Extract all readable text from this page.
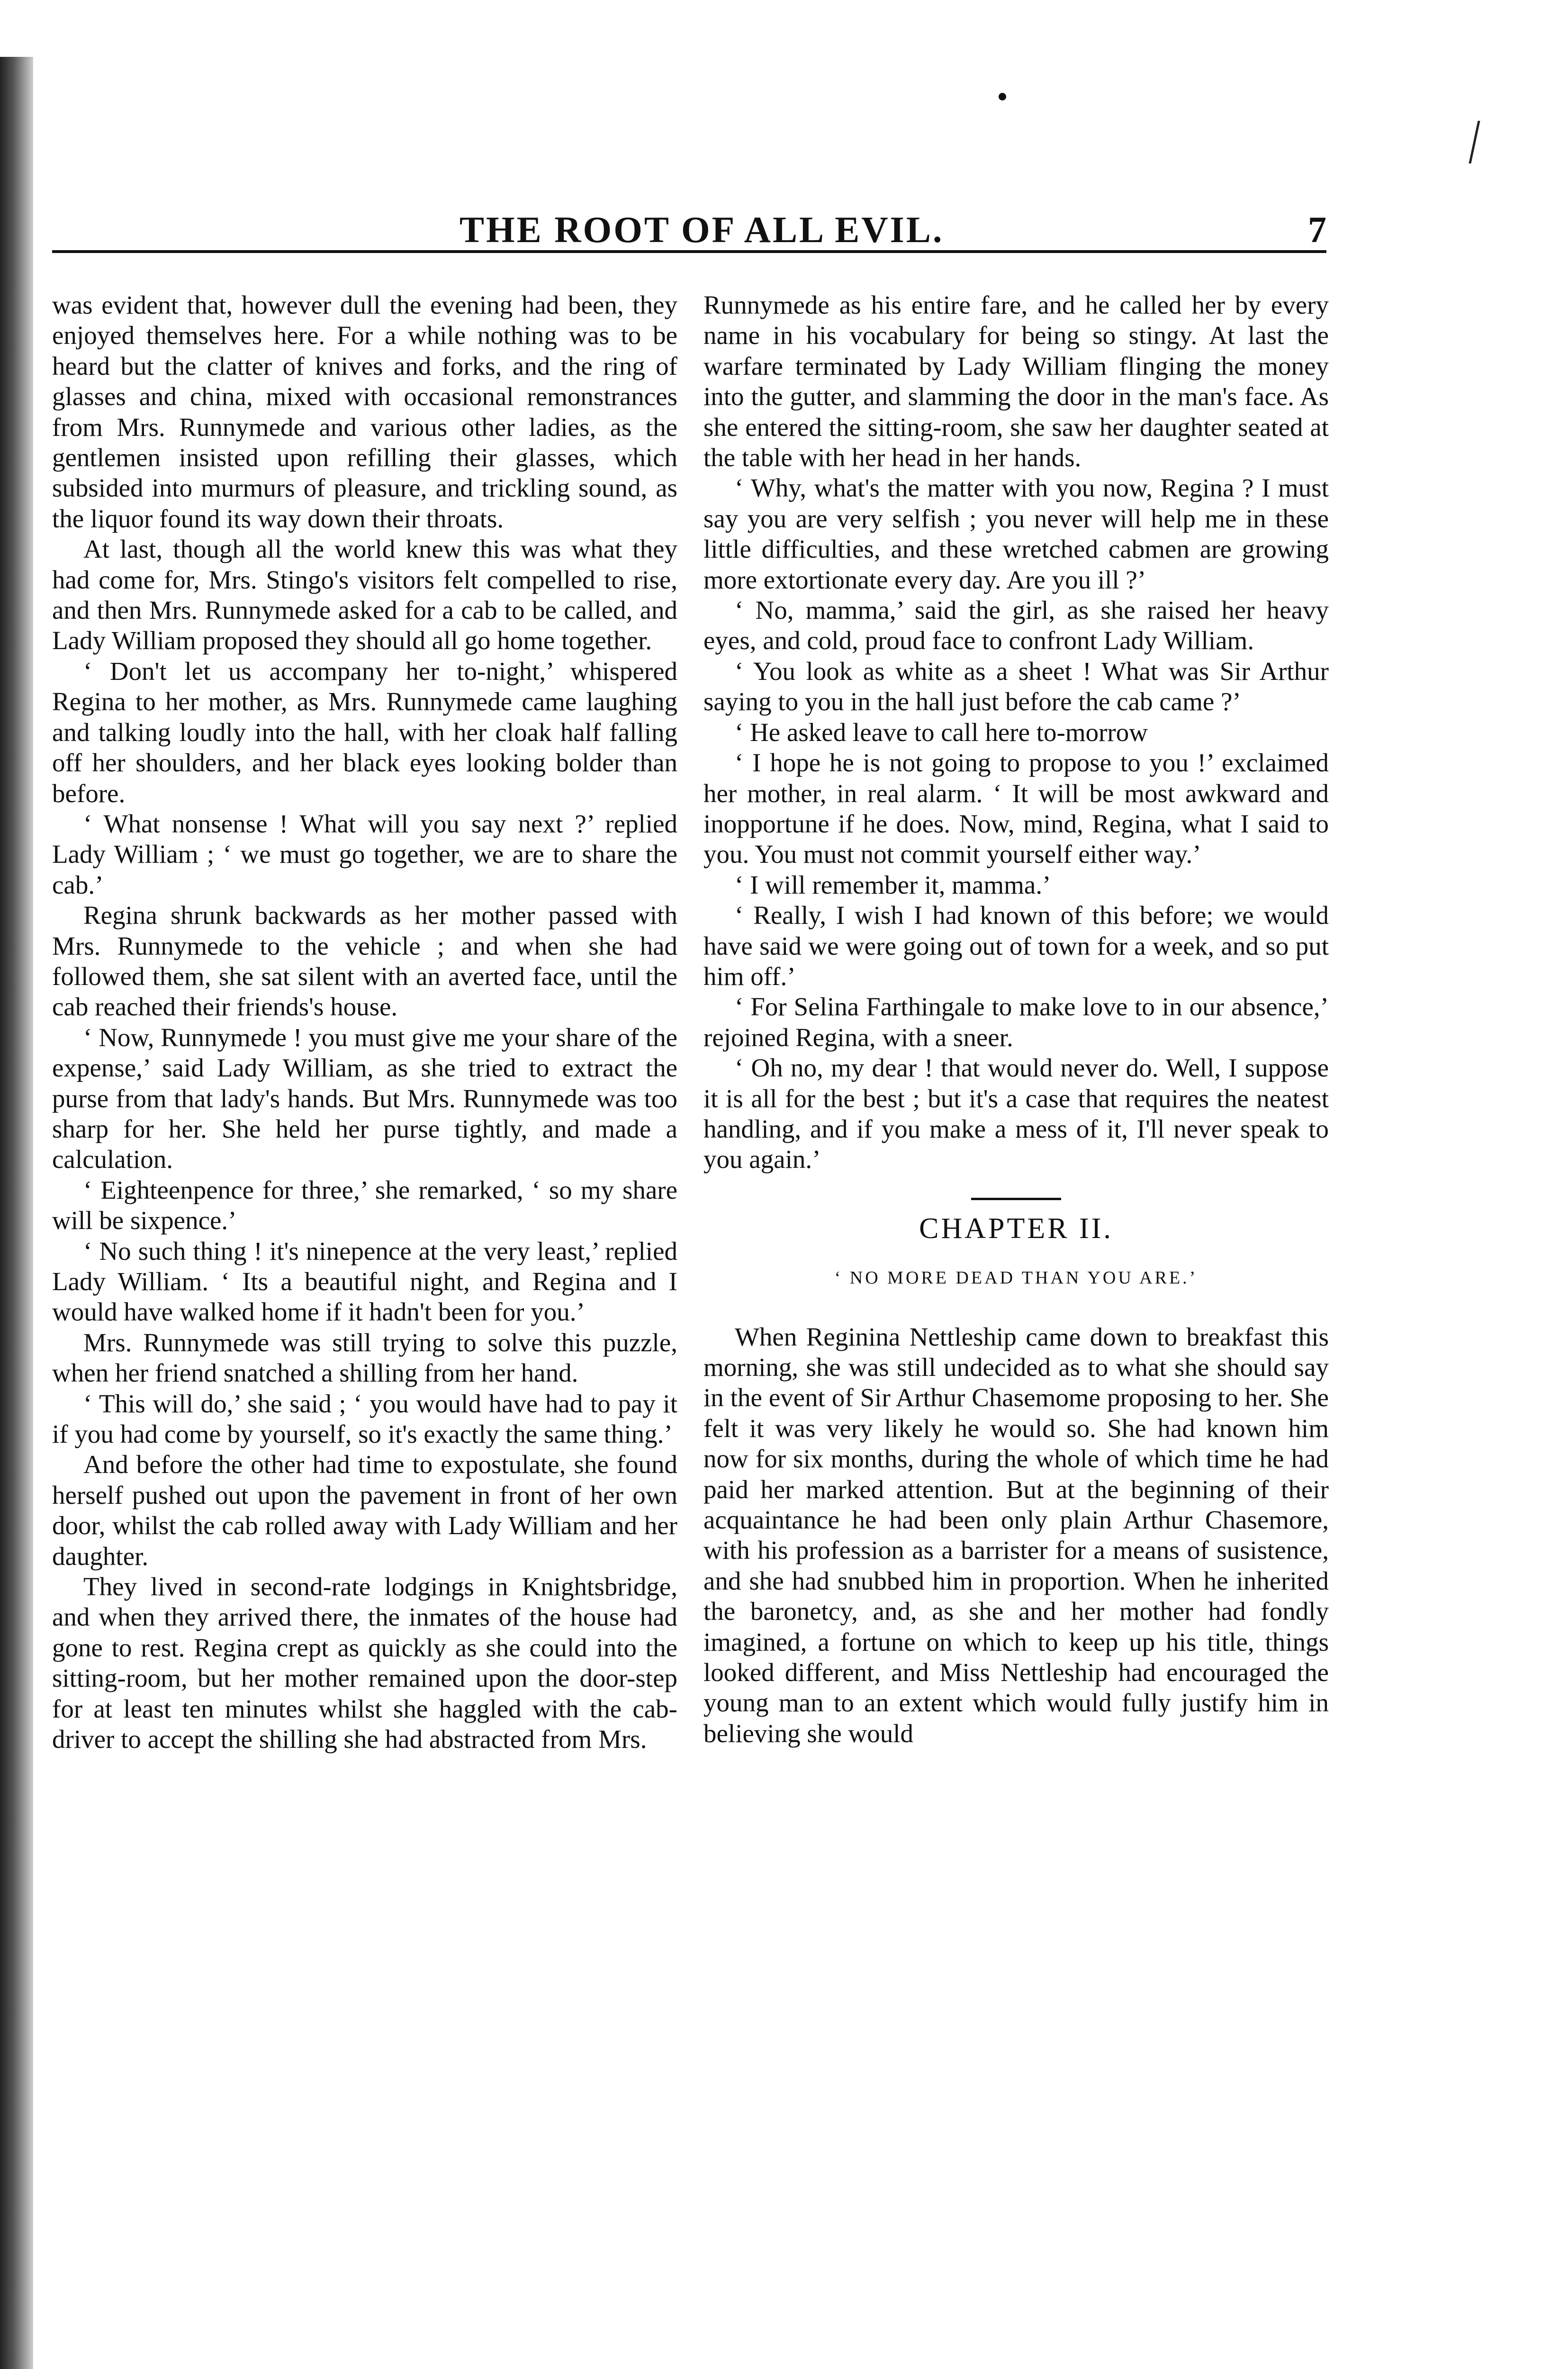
THE ROOT OF ALL EVIL.	7

was evident that, however dull the evening had been, they enjoyed themselves here. For a while nothing was to be heard but the clatter of knives and forks, and the ring of glasses and china, mixed with occasional remonstrances from Mrs. Runnymede and various other ladies, as the gentlemen insisted upon refilling their glasses, which subsided into murmurs of pleasure, and trickling sound, as the liquor found its way down their throats.

At last, though all the world knew this was what they had come for, Mrs. Stingo's visitors felt compelled to rise, and then Mrs. Runnymede asked for a cab to be called, and Lady William proposed they should all go home together.

‘ Don't let us accompany her to-night,’ whispered Regina to her mother, as Mrs. Runnymede came laughing and talking loudly into the hall, with her cloak half falling off her shoulders, and her black eyes looking bolder than before.

‘ What nonsense ! What will you say next ?’ replied Lady William ; ‘ we must go together, we are to share the cab.’

Regina shrunk backwards as her mother passed with Mrs. Runnymede to the vehicle ; and when she had followed them, she sat silent with an averted face, until the cab reached their friends's house.

‘ Now, Runnymede ! you must give me your share of the expense,’ said Lady William, as she tried to extract the purse from that lady's hands. But Mrs. Runnymede was too sharp for her. She held her purse tightly, and made a calculation.

‘ Eighteenpence for three,’ she remarked, ‘ so my share will be sixpence.’

‘ No such thing ! it's ninepence at the very least,’ replied Lady William. ‘ Its a beautiful night, and Regina and I would have walked home if it hadn't been for you.’

Mrs. Runnymede was still trying to solve this puzzle, when her friend snatched a shilling from her hand.

‘ This will do,’ she said ; ‘ you would have had to pay it if you had come by yourself, so it's exactly the same thing.’

And before the other had time to expostulate, she found herself pushed out upon the pavement in front of her own door, whilst the cab rolled away with Lady William and her daughter.

They lived in second-rate lodgings in Knightsbridge, and when they arrived there, the inmates of the house had gone to rest. Regina crept as quickly as she could into the sitting-room, but her mother remained upon the door-step for at least ten minutes whilst she haggled with the cab-driver to accept the shilling she had abstracted from Mrs.

Runnymede as his entire fare, and he called her by every name in his vocabulary for being so stingy. At last the warfare terminated by Lady William flinging the money into the gutter, and slamming the door in the man's face. As she entered the sitting-room, she saw her daughter seated at the table with her head in her hands.

‘ Why, what's the matter with you now, Regina ? I must say you are very selfish ; you never will help me in these little difficulties, and these wretched cabmen are growing more extortionate every day. Are you ill ?’

‘ No, mamma,’ said the girl, as she raised her heavy eyes, and cold, proud face to confront Lady William.

‘ You look as white as a sheet ! What was Sir Arthur saying to you in the hall just before the cab came ?’

‘ He asked leave to call here to-morrow

‘ I hope he is not going to propose to you !’ exclaimed her mother, in real alarm. ‘ It will be most awkward and inopportune if he does. Now, mind, Regina, what I said to you. You must not commit yourself either way.’

‘ I will remember it, mamma.’

‘ Really, I wish I had known of this before; we would have said we were going out of town for a week, and so put him off.’

‘ For Selina Farthingale to make love to in our absence,’ rejoined Regina, with a sneer.

‘ Oh no, my dear ! that would never do. Well, I suppose it is all for the best ; but it's a case that requires the neatest handling, and if you make a mess of it, I'll never speak to you again.’

CHAPTER II.
‘ NO MORE DEAD THAN YOU ARE.’

When Reginina Nettleship came down to breakfast this morning, she was still undecided as to what she should say in the event of Sir Arthur Chasemome proposing to her. She felt it was very likely he would so. She had known him now for six months, during the whole of which time he had paid her marked attention. But at the beginning of their acquaintance he had been only plain Arthur Chasemore, with his profession as a barrister for a means of susistence, and she had snubbed him in proportion. When he inherited the baronetcy, and, as she and her mother had fondly imagined, a fortune on which to keep up his title, things looked different, and Miss Nettleship had encouraged the young man to an extent which would fully justify him in believing she would
